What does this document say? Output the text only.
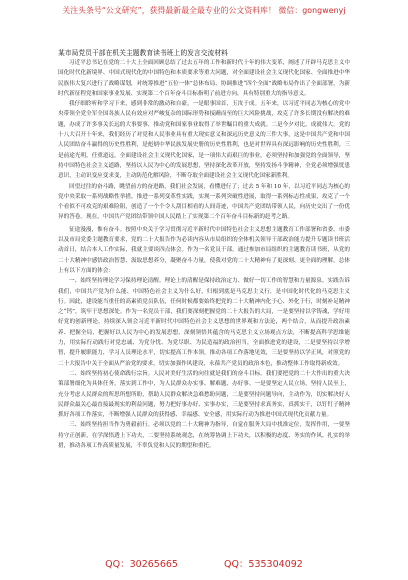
关注头条号“公文研究”，获得最新最全最专业的公文资料库！ 微信：gongwenyj
某市局党员干部在机关主题教育读书班上的发言交流材料

习近平总书记在党的二十大上全面回顾总结了过去五年的工作和新时代十年的伟大变革，阐述了开辟马克思主义中国化时代化新境界、中国式现代化的中国特色和本质要求等重大问题，对全面建设社会主义现代化国家、全面推进中华民族伟大复兴进行了战略谋划，对统筹推进“五位一体”总体布局、协调推进“四个全面”战略布局作出了全面部署，为新时代新征程党和国家事业发展、实现第二个百年奋斗目标指明了前进方向，具有特别重大的指导意义。

我仔细聆听和学习下来，感到非常的激动和自豪。一是眼事国首，玉汝于成。五年来，以习近平同志为核心的党中央带领全党全军全国各族人民有效应对严峻复杂的国际形势和接踵而至的巨大风险挑战，攻克了许多长期没有解决的难题，办成了许多事关长远的大事要事，推动党和国家事业取得了举世瞩目的重大成就。二是今夕对比，成就伟大。党的十八大召开十年来，我们经历了对党和人民事业具有重大现实意义和深远历史意义的三件大事，这是中国共产党和中国人民团结奋斗赢得的历史性胜利，是彪炳中华民族发展史册的历史性胜利，也是对世界具有深远影响的历史性胜利。三是前途光明，任重道远。全面建设社会主义现代化国家，是一项伟大而艰巨的事业，必须坚持和加强党的全面领导，坚持中国特色社会主义道路，坚持以人民为中心的发展思想，坚持深化改革开放，坚持发扬斗争精神，全党必须增强忧患意识，主动识变应变求变，主动防范化解风险，不断夺取全面建设社会主义现代化国家新胜利。

回望过往的奋斗路，眺望前方的奋进路，我们社会发展，看懂进行了；过去 5 年和 10 年，以习近平同志为核心的党中央采取一系列战略性举措，推进一系列变革性实践，实现一系列突破性进展，取得一系列标志性成果，攻克了一个个看似不可攻克的艰难险阻，创造了一个个令人刮目相看的人间奇迹，中国共产党团结带领人民，向历史交出了一份优异的答卷。现在，中国共产党团结带领中国人民踏上了实现第二个百年奋斗目标新的赶考之路。

征途漫漫，惟有奋斗。按照中央关于学习贯彻习近平新时代中国特色社会主义思想主题教育工作部署和省委、市委以及市局党委主题教育要求，党的二十大报告作为必读内容从市局组织的全体机关领导干部政治能力提升专题读书班活动首日，结合本人工作实际，我就主要谈四点体会。作为一名党员干部，通过参加市局组织的主题教育读书班，从党的二十大精神中感悟政治智慧、汲取思想养分，凝聚奋斗力量，使我对党的二十大精神有了更深刻、更全面的理解，总体上有以下方面的体会：

一、始终坚持理论学习保持理论清醒。理论上的清醒是保持政治定力、做好一切工作的智慧和力量源泉。实践告诉我们，中国共产党为什么能、中国特色社会主义为什么好，归根到底是马克思主义行，是中国化时代化的马克思主义行。因此，建设能当重任的高素质党员队伍，任何时候都要始终把党的二十大精神内化于心、外化于行，时刻补足精神之“钙”，筑牢于思想深处。作为一名党员干部，我们要深刻把握党的二十大报告的大局，一是要坚持以学铸魂，学好用好党的创新理论，持续深入领会习近平新时代中国特色社会主义思想的世界观和方法论，两个结合，从而提升政治素养、把握全局，把握好以人民为中心的发展思想，深刻领悟其蕴含的马克思主义立场观点方法，不断提高科学思维能力，用实际行动践行对党忠诚、为党分忧、为党尽职、为民造福的政治担当，全面推进党的建设，二是要坚持以学增智，提升履职能力，学习人员理论水平，切实提高工作本领，推动各项工作落地见效，三是要坚持以学正风，对照党的二十大报告中关于全面从严治党的要求，切实加强作风建设，永葆共产党员的政治本色，推动整体工作取得新成效。

二、始终坚持初心使命践行宗旨。人民对美好生活的向往就是我们的奋斗目标。我们要把党的二十大作出的重大决策部署细化为具体任务，落实到工作中，为人民群众办实事、解难题、办好事。一是要坚定人民立场，坚持人民至上，充分考虑人民群众的所思所想所盼，帮助人民群众解决急难愁盼问题，二是要坚持问题导向，主动作为，切实解决好人民群众最关心最直接最现实的利益问题，努力把好事办好、实事办实，三是要坚持求真务实，真抓实干，以钉钉子精神抓好各项工作落实，不断增强人民群众的获得感、幸福感、安全感，用实际行动为推进中国式现代化贡献力量。

三、始终坚持担当作为勇毅前行。必须以党的二十大精神为指导，自觉在服务大局中找准定位，发挥作用，一要坚持守正创新，在学深悟透上下功夫，二要坚持系统观念，在统筹协调上下功夫，以积极的态度、务实的作风、扎实的举措，推动各项工作高质量发展，不辜负党和人民的期望和重托。

QQ：30265665	QQ：535304092
